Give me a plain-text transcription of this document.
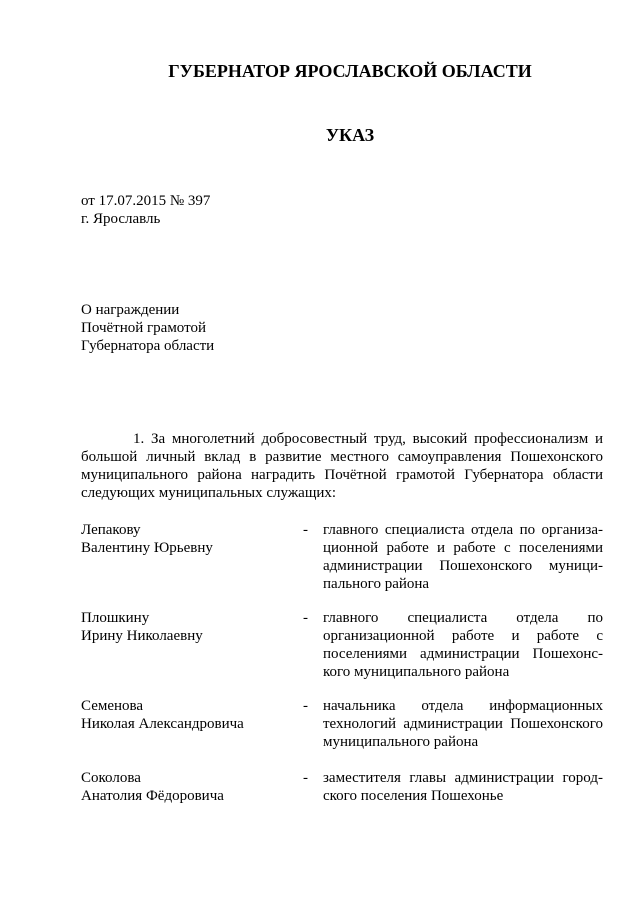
ГУБЕРНАТОР ЯРОСЛАВСКОЙ ОБЛАСТИ
УКАЗ
от 17.07.2015 № 397
г. Ярославль
О награждении
Почётной грамотой
Губернатора области
1. За многолетний добросовестный труд, высокий профессионализм и
большой личный вклад в развитие местного самоуправления Пошехонского
муниципального района наградить Почётной грамотой Губернатора области
следующих муниципальных служащих:
Лепакову
Валентину Юрьевну
- главного специалиста отдела по организа-
ционной работе и работе с поселениями
администрации Пошехонского муници-
пального района
Плошкину
Ирину Николаевну
- главного специалиста отдела по
организационной работе и работе с
поселениями администрации Пошехонс-
кого муниципального района
Семенова
Николая Александровича
- начальника отдела информационных
технологий администрации Пошехонского
муниципального района
Соколова
Анатолия Фёдоровича
- заместителя главы администрации город-
ского поселения Пошехонье
